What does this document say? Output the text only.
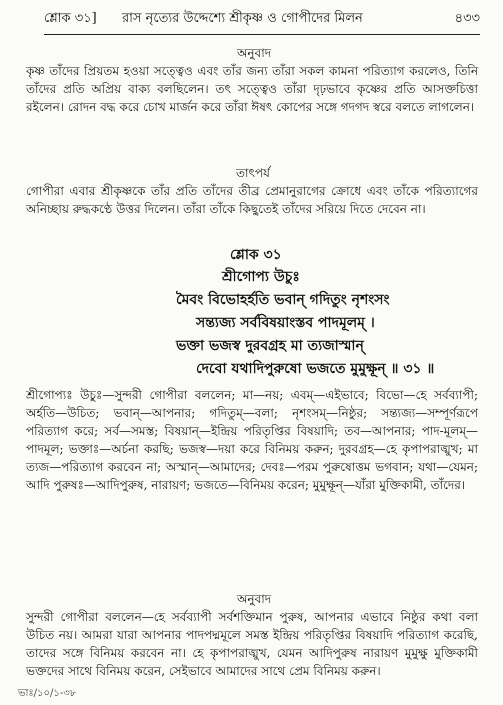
শ্লোক ৩১] রাস নৃত্যের উদ্দেশ্যে শ্রীকৃষ্ণ ও গোপীদের মিলন	৪৩৩
অনুবাদ
কৃষ্ণ তাঁদের প্রিয়তম হওয়া সত্ত্বেও এবং তাঁর জন্য তাঁরা সকল কামনা পরিত্যাগ করলেও, তিনি তাঁদের প্রতি অপ্রিয় বাক্য বলছিলেন। তৎ সত্ত্বেও তাঁরা দৃঢ়ভাবে কৃষ্ণের প্রতি আসক্তচিত্তা রইলেন। রোদন বদ্ধ করে চোখ মার্জন করে তাঁরা ঈষৎ কোপের সঙ্গে গদগদ স্বরে বলতে লাগলেন।
তাৎপর্য
গোপীরা এবার শ্রীকৃষ্ণকে তাঁর প্রতি তাঁদের তীব্র প্রেমানুরাগের ক্রোধে এবং তাঁকে পরিত্যাগের অনিচ্ছায় রুদ্ধকণ্ঠে উত্তর দিলেন। তাঁরা তাঁকে কিছুতেই তাঁদের সরিয়ে দিতে দেবেন না।
শ্লোক ৩১
শ্রীগোপ্য উচুঃ
মৈবং বিভোহর্হতি ভবান্ গদিতুং নৃশংসং
সন্ত্যজ্য সর্ববিষয়াংস্তব পাদমূলম্ ।
ভক্তা ভজস্ব দুরবগ্রহ মা ত্যজাস্মান্
দেবো যথাদিপুরুষো ভজতে মুমুক্ষূন্ ॥ ৩১ ॥
শ্রীগোপ্যঃ উচুঃ—সুন্দরী গোপীরা বললেন; মা—নয়; এবম্—এইভাবে; বিভো—হে সর্বব্যাপী; অর্হতি—উচিত; ভবান্—আপনার; গদিতুম্—বলা; নৃশংসম্—নিষ্ঠুর; সন্ত্যজ্য—সম্পূর্ণরূপে পরিত্যাগ করে; সর্ব—সমস্ত; বিষয়ান্—ইন্দ্রিয় পরিতৃপ্তির বিষয়াদি; তব—আপনার; পাদ-মূলম্—পাদমূল; ভক্তাঃ—অর্চনা করছি; ভজস্ব—দয়া করে বিনিময় করুন; দুরবগ্রহ—হে কৃপাপরাঙ্মুখ; মা ত্যজ—পরিত্যাগ করবেন না; অস্মান্—আমাদের; দেবঃ—পরম পুরুষোত্তম ভগবান; যথা—যেমন; আদি পুরুষঃ—আদিপুরুষ, নারায়ণ; ভজতে—বিনিময় করেন; মুমুক্ষূন্—যাঁরা মুক্তিকামী, তাঁদের।
অনুবাদ
সুন্দরী গোপীরা বললেন—হে সর্বব্যাপী সর্বশক্তিমান পুরুষ, আপনার এভাবে নিষ্ঠুর কথা বলা উচিত নয়। আমরা যারা আপনার পাদপদ্মমূলে সমস্ত ইন্দ্রিয় পরিতৃপ্তির বিষয়াদি পরিত্যাগ করেছি, তাদের সঙ্গে বিনিময় করবেন না। হে কৃপাপরাঙ্মুখ, যেমন আদিপুরুষ নারায়ণ মুমুক্ষু মুক্তিকামী ভক্তদের সাথে বিনিময় করেন, সেইভাবে আমাদের সাথে প্রেম বিনিময় করুন।
ভাঃ/১০/১-৩৮
